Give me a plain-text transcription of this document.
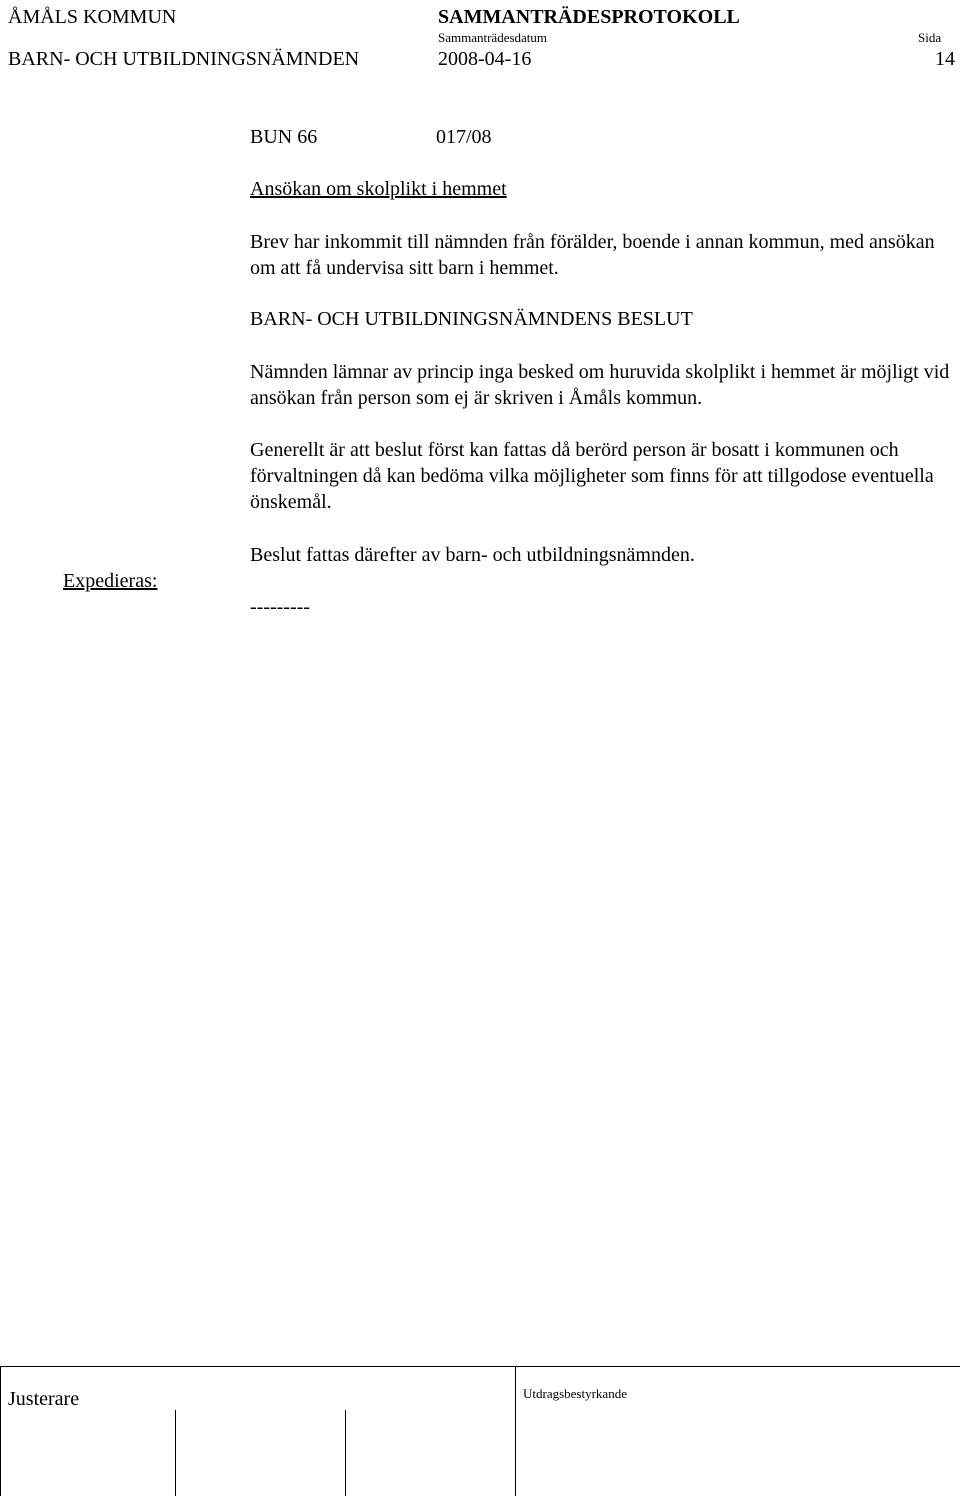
ÅMÅLS KOMMUN	SAMMANTRÄDESPROTOKOLL
Sammanträdesdatum	Sida
BARN- OCH UTBILDNINGSNÄMNDEN	2008-04-16	14
BUN 66	017/08
Ansökan om skolplikt i hemmet
Brev har inkommit till nämnden från förälder, boende i annan kommun, med ansökan om att få undervisa sitt barn i hemmet.
BARN- OCH UTBILDNINGSNÄMNDENS BESLUT
Nämnden lämnar av princip inga besked om huruvida skolplikt i hemmet är möjligt vid ansökan från person som ej är skriven i Åmåls kommun.
Generellt är att beslut först kan fattas då berörd person är bosatt i kommunen och förvaltningen då kan bedöma vilka möjligheter som finns för att tillgodose eventuella önskemål.
Beslut fattas därefter av barn- och utbildningsnämnden.
Expedieras:
---------
Justerare	Utdragsbestyrkande
